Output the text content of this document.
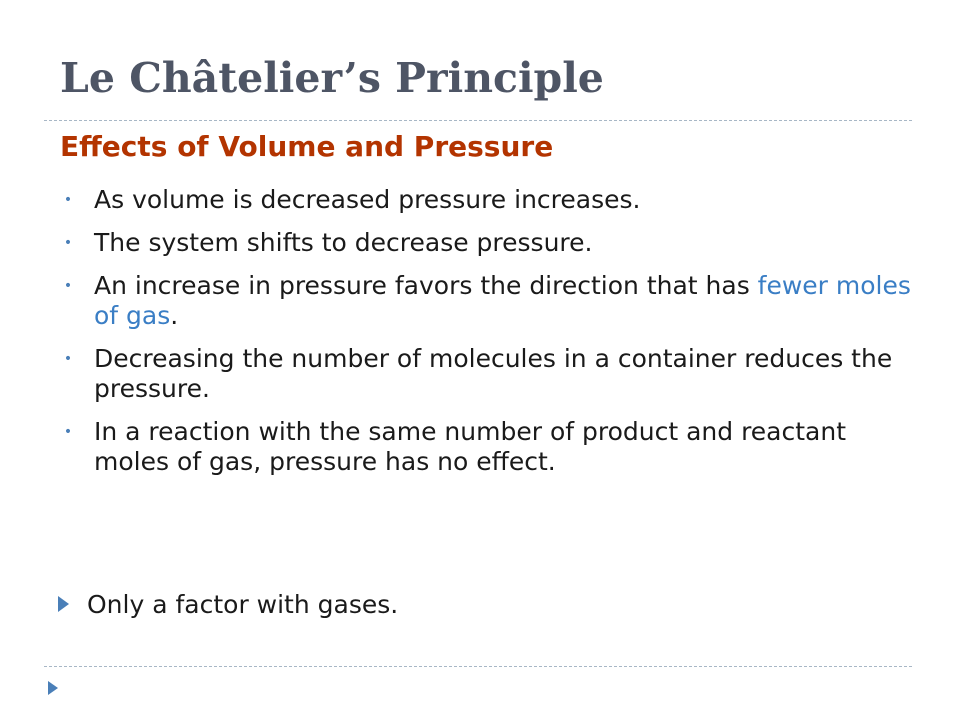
Le Châtelier’s Principle
Effects of Volume and Pressure
• As volume is decreased pressure increases.
• The system shifts to decrease pressure.
• An increase in pressure favors the direction that has fewer moles of gas.
• Decreasing the number of molecules in a container reduces the pressure.
• In a reaction with the same number of product and reactant moles of gas, pressure has no effect.
Only a factor with gases.
